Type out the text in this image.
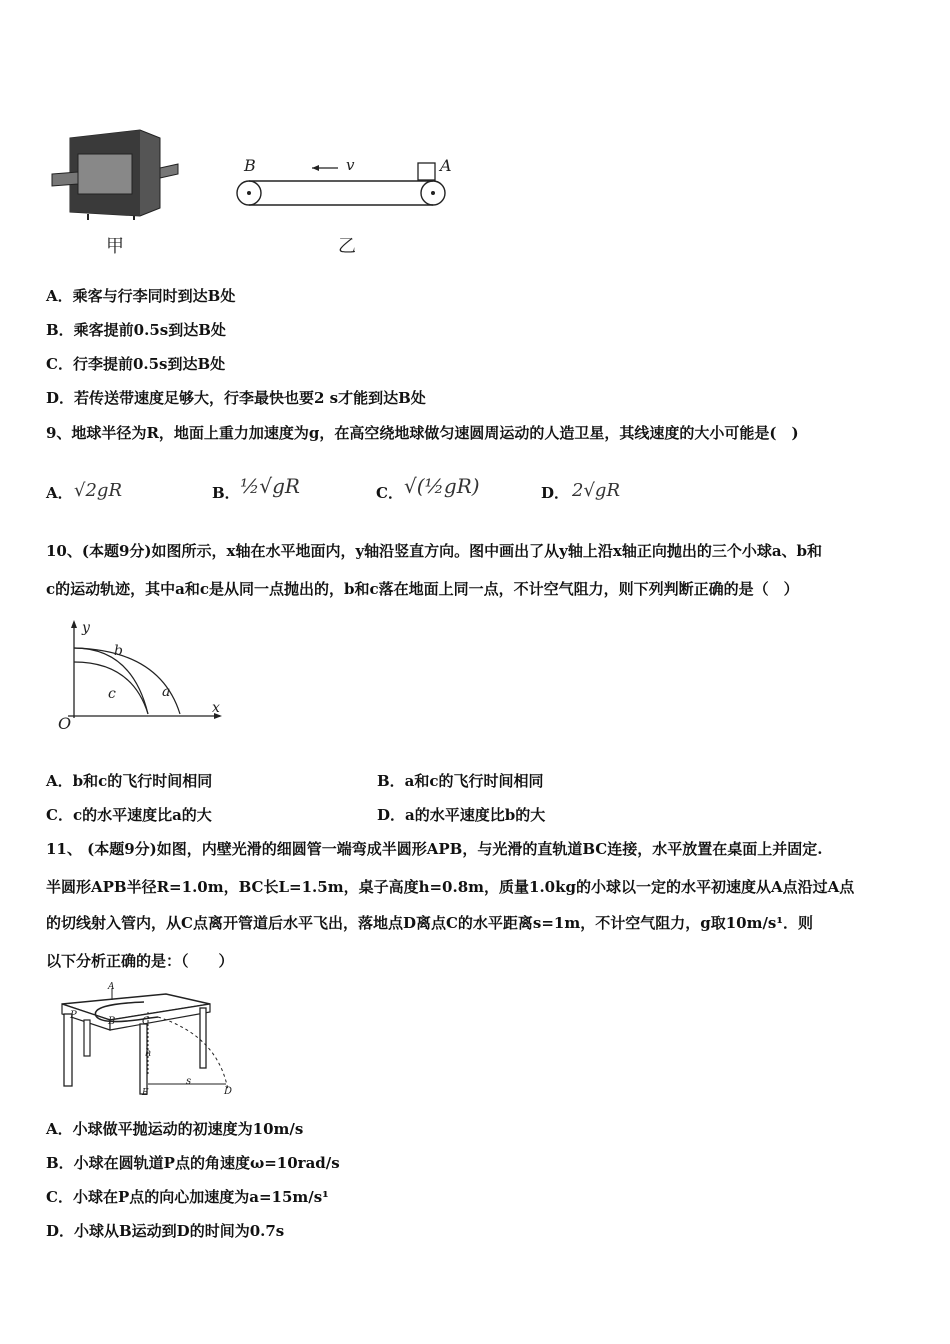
甲
B	A
v
乙
A．乘客与行李同时到达B处
B．乘客提前0.5s到达B处
C．行李提前0.5s到达B处
D．若传送带速度足够大，行李最快也要2 s才能到达B处
9、地球半径为R，地面上重力加速度为g，在高空绕地球做匀速圆周运动的人造卫星，其线速度的大小可能是(　)
A． √2gR	B． ½√gR	C． √(½gR)	D． 2√gR
10、(本题9分)如图所示，x轴在水平地面内，y轴沿竖直方向。图中画出了从y轴上沿x轴正向抛出的三个小球a、b和
c的运动轨迹，其中a和c是从同一点抛出的，b和c落在地面上同一点，不计空气阻力，则下列判断正确的是（　）
y
b
c	a
x
O
A．b和c的飞行时间相同	B．a和c的飞行时间相同
C．c的水平速度比a的大	D．a的水平速度比b的大
11、 (本题9分)如图，内壁光滑的细圆管一端弯成半圆形APB，与光滑的直轨道BC连接，水平放置在桌面上并固定.
半圆形APB半径R=1.0m，BC长L=1.5m，桌子高度h=0.8m，质量1.0kg的小球以一定的水平初速度从A点沿过A点
的切线射入管内，从C点离开管道后水平飞出，落地点D离点C的水平距离s=1m，不计空气阻力，g取10m/s¹．则
以下分析正确的是：（　　）
A
P
B	C
h
s
E	D
A．小球做平抛运动的初速度为10m/s
B．小球在圆轨道P点的角速度ω=10rad/s
C．小球在P点的向心加速度为a=15m/s¹
D．小球从B运动到D的时间为0.7s
